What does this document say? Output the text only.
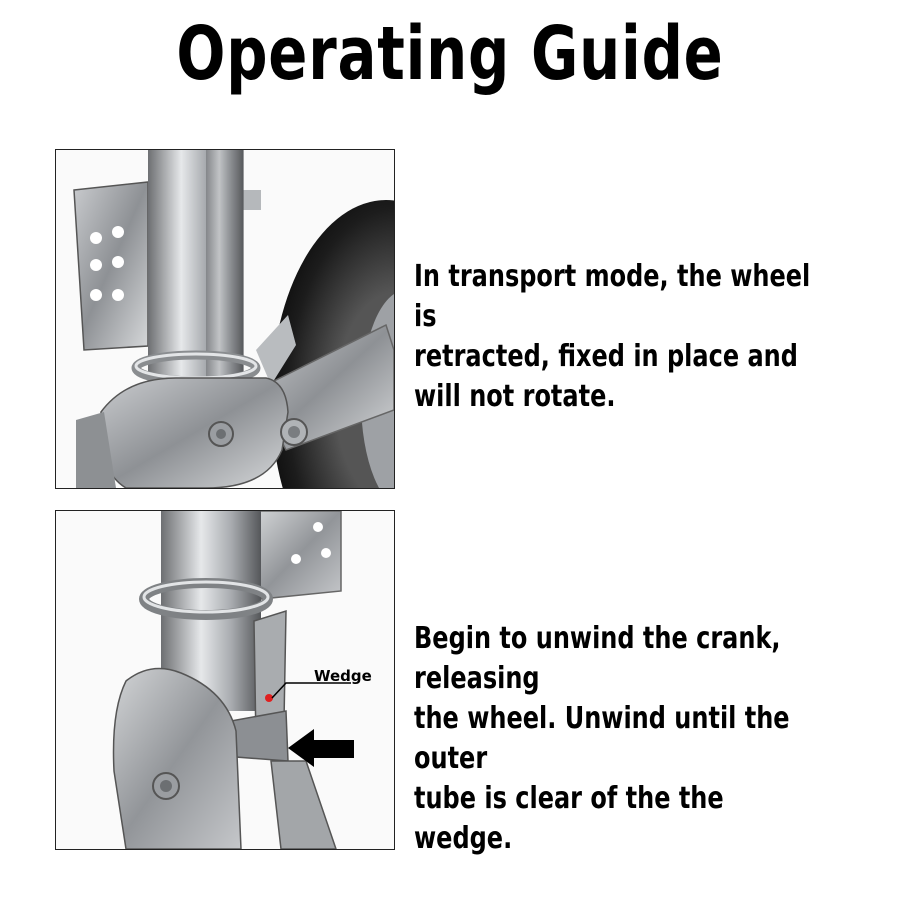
Operating Guide
In transport mode, the wheel is
retracted, fixed in place and
will not rotate.
Wedge
Begin to unwind the crank, releasing
the wheel. Unwind until the outer
tube is clear of the the wedge.
